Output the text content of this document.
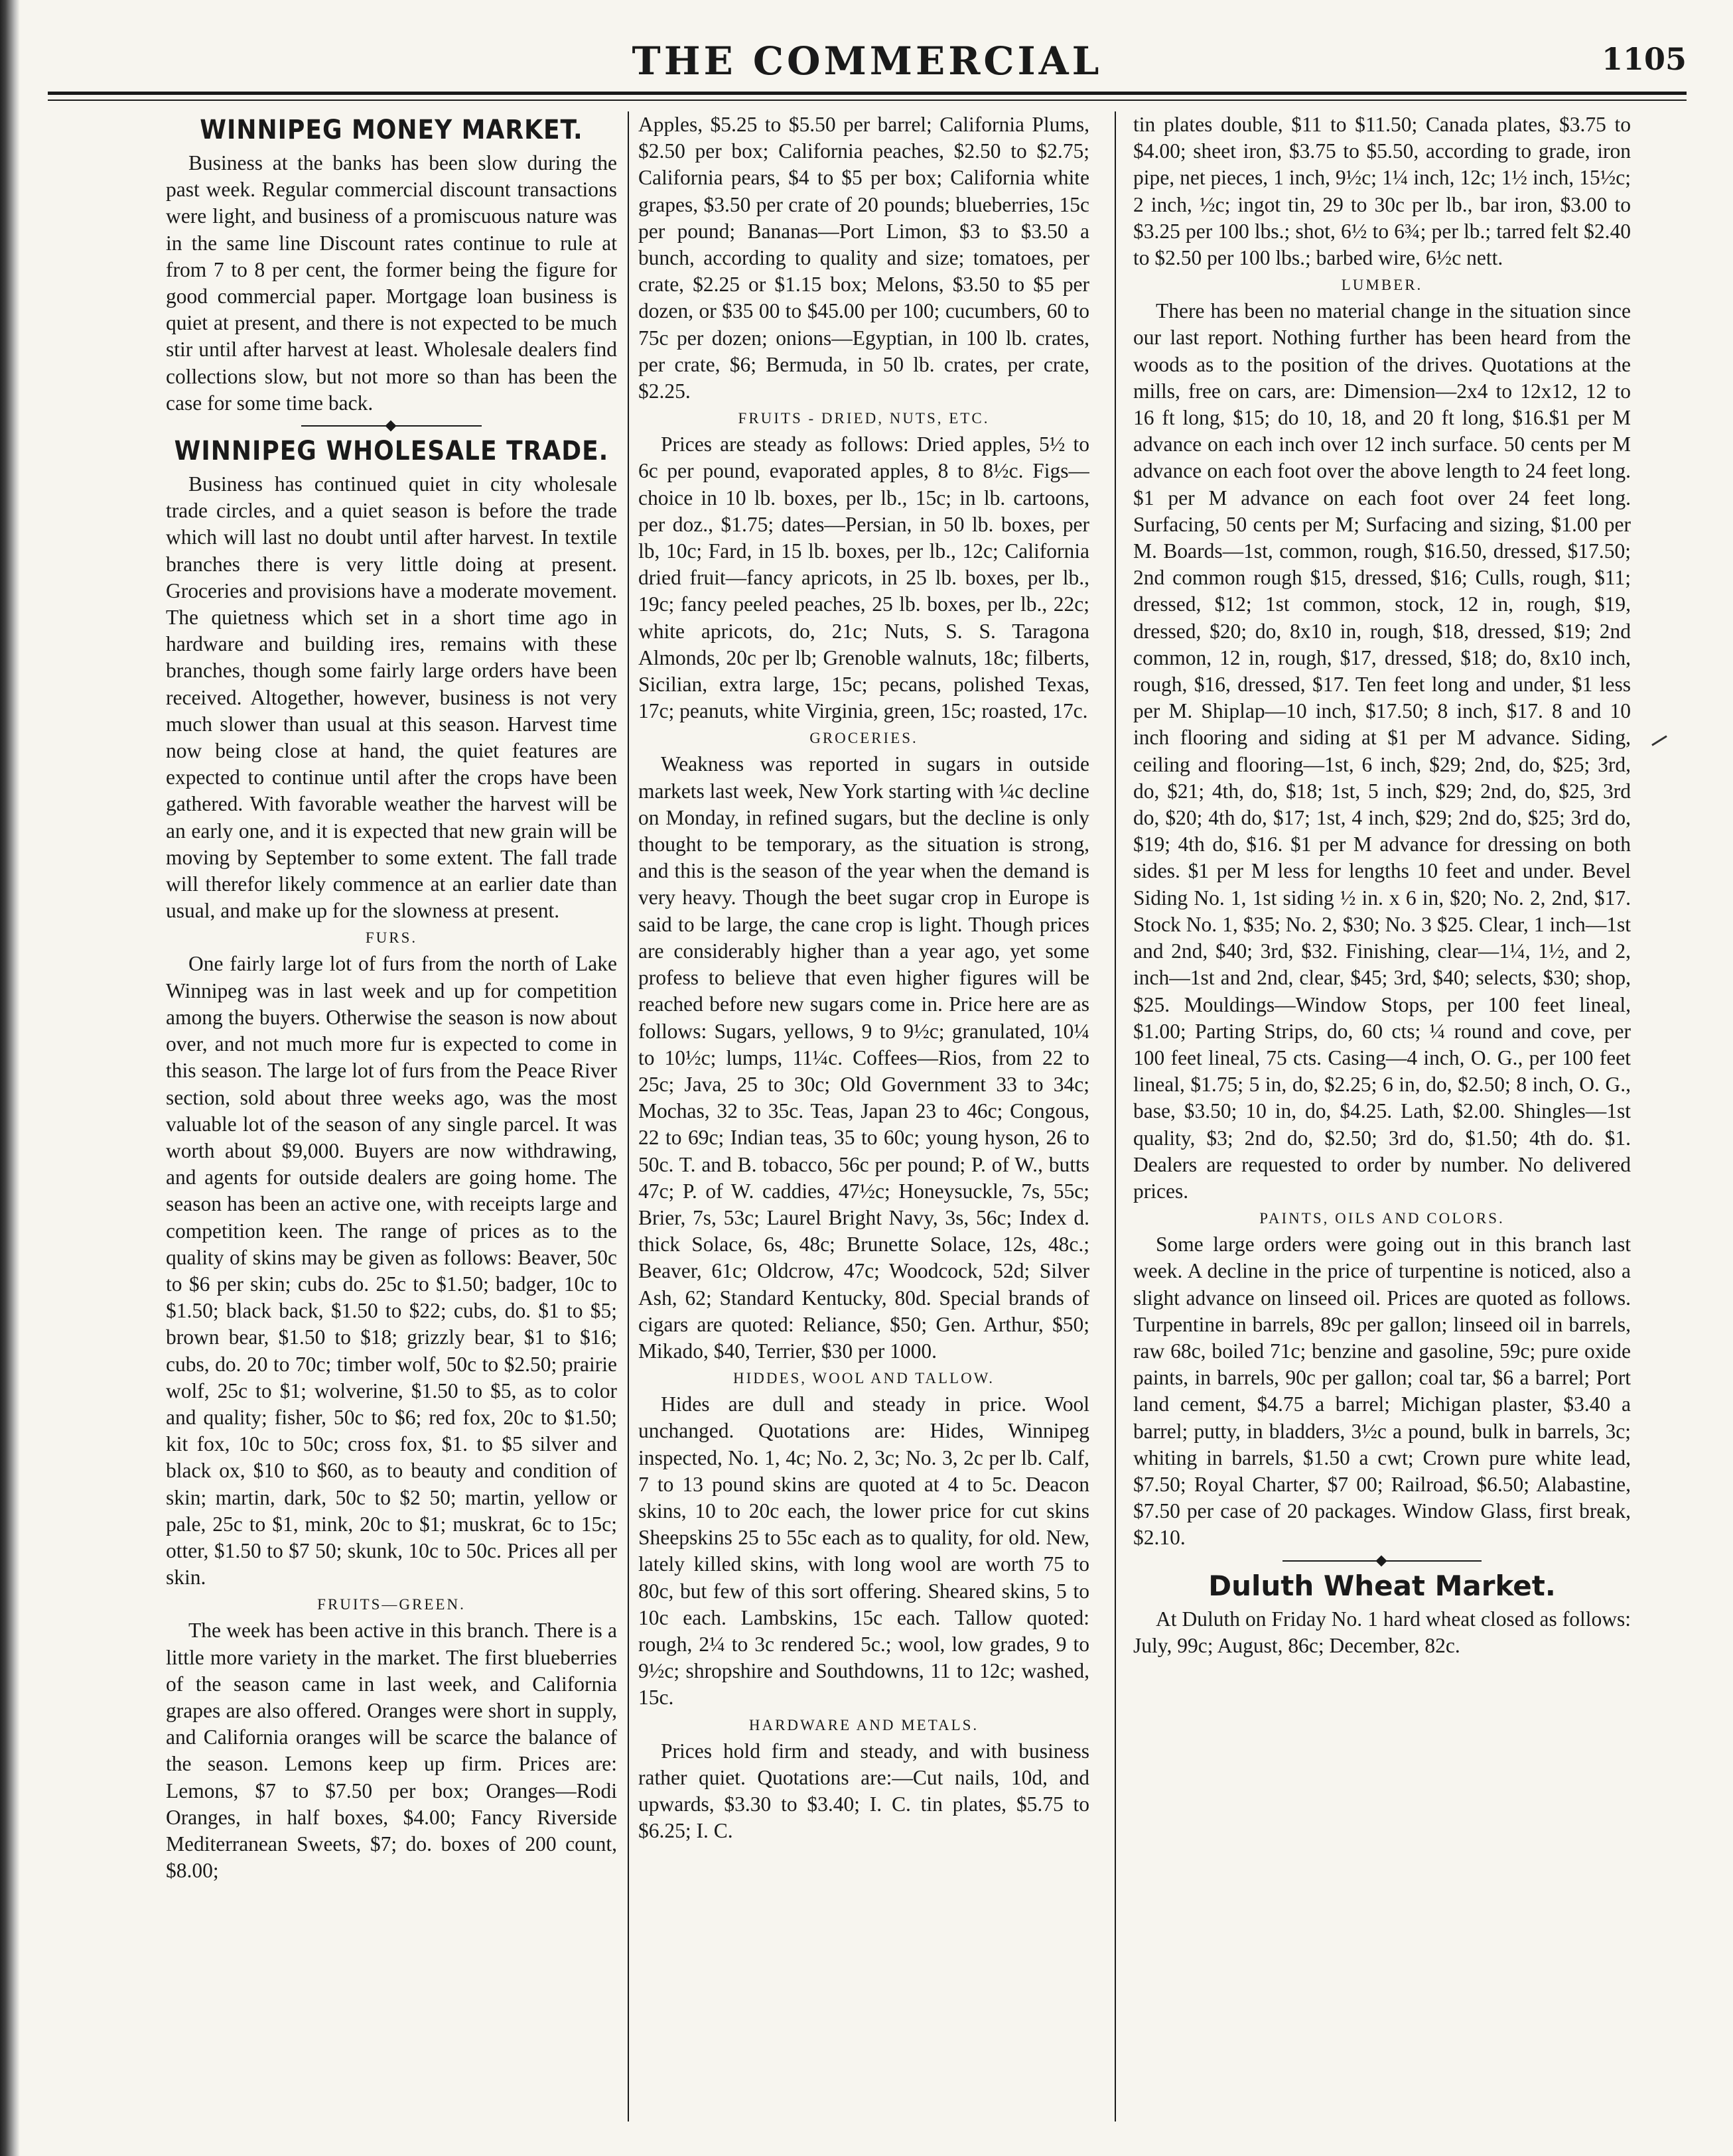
THE COMMERCIAL	1105
WINNIPEG MONEY MARKET.

Business at the banks has been slow during the past week. Regular commercial discount transactions were light, and business of a promiscuous nature was in the same line Discount rates continue to rule at from 7 to 8 per cent, the former being the figure for good commercial paper. Mortgage loan business is quiet at present, and there is not expected to be much stir until after harvest at least. Wholesale dealers find collections slow, but not more so than has been the case for some time back.

WINNIPEG WHOLESALE TRADE.

Business has continued quiet in city wholesale trade circles, and a quiet season is before the trade which will last no doubt until after harvest. In textile branches there is very little doing at present. Groceries and provisions have a moderate movement. The quietness which set in a short time ago in hardware and building ires, remains with these branches, though some fairly large orders have been received. Altogether, however, business is not very much slower than usual at this season. Harvest time now being close at hand, the quiet features are expected to continue until after the crops have been gathered. With favorable weather the harvest will be an early one, and it is expected that new grain will be moving by September to some extent. The fall trade will therefor likely commence at an earlier date than usual, and make up for the slowness at present.

FURS.

One fairly large lot of furs from the north of Lake Winnipeg was in last week and up for competition among the buyers. Otherwise the season is now about over, and not much more fur is expected to come in this season. The large lot of furs from the Peace River section, sold about three weeks ago, was the most valuable lot of the season of any single parcel. It was worth about $9,000. Buyers are now withdrawing, and agents for outside dealers are going home. The season has been an active one, with receipts large and competition keen. The range of prices as to the quality of skins may be given as follows: Beaver, 50c to $6 per skin; cubs do. 25c to $1.50; badger, 10c to $1.50; black back, $1.50 to $22; cubs, do. $1 to $5; brown bear, $1.50 to $18; grizzly bear, $1 to $16; cubs, do. 20 to 70c; timber wolf, 50c to $2.50; prairie wolf, 25c to $1; wolverine, $1.50 to $5, as to color and quality; fisher, 50c to $6; red fox, 20c to $1.50; kit fox, 10c to 50c; cross fox, $1. to $5 silver and black ox, $10 to $60, as to beauty and condition of skin; martin, dark, 50c to $2 50; martin, yellow or pale, 25c to $1, mink, 20c to $1; muskrat, 6c to 15c; otter, $1.50 to $7 50; skunk, 10c to 50c. Prices all per skin.

FRUITS—GREEN.

The week has been active in this branch. There is a little more variety in the market. The first blueberries of the season came in last week, and California grapes are also offered. Oranges were short in supply, and California oranges will be scarce the balance of the season. Lemons keep up firm. Prices are: Lemons, $7 to $7.50 per box; Oranges—Rodi Oranges, in half boxes, $4.00; Fancy Riverside Mediterranean Sweets, $7; do. boxes of 200 count, $8.00;

Apples, $5.25 to $5.50 per barrel; California Plums, $2.50 per box; California peaches, $2.50 to $2.75; California pears, $4 to $5 per box; California white grapes, $3.50 per crate of 20 pounds; blueberries, 15c per pound; Bananas—Port Limon, $3 to $3.50 a bunch, according to quality and size; tomatoes, per crate, $2.25 or $1.15 box; Melons, $3.50 to $5 per dozen, or $35 00 to $45.00 per 100; cucumbers, 60 to 75c per dozen; onions—Egyptian, in 100 lb. crates, per crate, $6; Bermuda, in 50 lb. crates, per crate, $2.25.

FRUITS - DRIED, NUTS, ETC.

Prices are steady as follows: Dried apples, 5½ to 6c per pound, evaporated apples, 8 to 8½c. Figs—choice in 10 lb. boxes, per lb., 15c; in lb. cartoons, per doz., $1.75; dates—Persian, in 50 lb. boxes, per lb, 10c; Fard, in 15 lb. boxes, per lb., 12c; California dried fruit—fancy apricots, in 25 lb. boxes, per lb., 19c; fancy peeled peaches, 25 lb. boxes, per lb., 22c; white apricots, do, 21c; Nuts, S. S. Taragona Almonds, 20c per lb; Grenoble walnuts, 18c; filberts, Sicilian, extra large, 15c; pecans, polished Texas, 17c; peanuts, white Virginia, green, 15c; roasted, 17c.

GROCERIES.

Weakness was reported in sugars in outside markets last week, New York starting with ¼c decline on Monday, in refined sugars, but the decline is only thought to be temporary, as the situation is strong, and this is the season of the year when the demand is very heavy. Though the beet sugar crop in Europe is said to be large, the cane crop is light. Though prices are considerably higher than a year ago, yet some profess to believe that even higher figures will be reached before new sugars come in. Price here are as follows: Sugars, yellows, 9 to 9½c; granulated, 10¼ to 10½c; lumps, 11¼c. Coffees—Rios, from 22 to 25c; Java, 25 to 30c; Old Government 33 to 34c; Mochas, 32 to 35c. Teas, Japan 23 to 46c; Congous, 22 to 69c; Indian teas, 35 to 60c; young hyson, 26 to 50c. T. and B. tobacco, 56c per pound; P. of W., butts 47c; P. of W. caddies, 47½c; Honeysuckle, 7s, 55c; Brier, 7s, 53c; Laurel Bright Navy, 3s, 56c; Index d. thick Solace, 6s, 48c; Brunette Solace, 12s, 48c.; Beaver, 61c; Oldcrow, 47c; Woodcock, 52d; Silver Ash, 62; Standard Kentucky, 80d. Special brands of cigars are quoted: Reliance, $50; Gen. Arthur, $50; Mikado, $40, Terrier, $30 per 1000.

HIDDES, WOOL AND TALLOW.

Hides are dull and steady in price. Wool unchanged. Quotations are: Hides, Winnipeg inspected, No. 1, 4c; No. 2, 3c; No. 3, 2c per lb. Calf, 7 to 13 pound skins are quoted at 4 to 5c. Deacon skins, 10 to 20c each, the lower price for cut skins Sheepskins 25 to 55c each as to quality, for old. New, lately killed skins, with long wool are worth 75 to 80c, but few of this sort offering. Sheared skins, 5 to 10c each. Lambskins, 15c each. Tallow quoted: rough, 2¼ to 3c rendered 5c.; wool, low grades, 9 to 9½c; shropshire and Southdowns, 11 to 12c; washed, 15c.

HARDWARE AND METALS.

Prices hold firm and steady, and with business rather quiet. Quotations are:—Cut nails, 10d, and upwards, $3.30 to $3.40; I. C. tin plates, $5.75 to $6.25; I. C.

tin plates double, $11 to $11.50; Canada plates, $3.75 to $4.00; sheet iron, $3.75 to $5.50, according to grade, iron pipe, net pieces, 1 inch, 9½c; 1¼ inch, 12c; 1½ inch, 15½c; 2 inch, ½c; ingot tin, 29 to 30c per lb., bar iron, $3.00 to $3.25 per 100 lbs.; shot, 6½ to 6¾; per lb.; tarred felt $2.40 to $2.50 per 100 lbs.; barbed wire, 6½c nett.

LUMBER.

There has been no material change in the situation since our last report. Nothing further has been heard from the woods as to the position of the drives. Quotations at the mills, free on cars, are: Dimension—2x4 to 12x12, 12 to 16 ft long, $15; do 10, 18, and 20 ft long, $16.$1 per M advance on each inch over 12 inch surface. 50 cents per M advance on each foot over the above length to 24 feet long. $1 per M advance on each foot over 24 feet long. Surfacing, 50 cents per M; Surfacing and sizing, $1.00 per M. Boards—1st, common, rough, $16.50, dressed, $17.50; 2nd common rough $15, dressed, $16; Culls, rough, $11; dressed, $12; 1st common, stock, 12 in, rough, $19, dressed, $20; do, 8x10 in, rough, $18, dressed, $19; 2nd common, 12 in, rough, $17, dressed, $18; do, 8x10 inch, rough, $16, dressed, $17. Ten feet long and under, $1 less per M. Shiplap—10 inch, $17.50; 8 inch, $17. 8 and 10 inch flooring and siding at $1 per M advance. Siding, ceiling and flooring—1st, 6 inch, $29; 2nd, do, $25; 3rd, do, $21; 4th, do, $18; 1st, 5 inch, $29; 2nd, do, $25, 3rd do, $20; 4th do, $17; 1st, 4 inch, $29; 2nd do, $25; 3rd do, $19; 4th do, $16. $1 per M advance for dressing on both sides. $1 per M less for lengths 10 feet and under. Bevel Siding No. 1, 1st siding ½ in. x 6 in, $20; No. 2, 2nd, $17. Stock No. 1, $35; No. 2, $30; No. 3 $25. Clear, 1 inch—1st and 2nd, $40; 3rd, $32. Finishing, clear—1¼, 1½, and 2, inch—1st and 2nd, clear, $45; 3rd, $40; selects, $30; shop, $25. Mouldings—Window Stops, per 100 feet lineal, $1.00; Parting Strips, do, 60 cts; ¼ round and cove, per 100 feet lineal, 75 cts. Casing—4 inch, O. G., per 100 feet lineal, $1.75; 5 in, do, $2.25; 6 in, do, $2.50; 8 inch, O. G., base, $3.50; 10 in, do, $4.25. Lath, $2.00. Shingles—1st quality, $3; 2nd do, $2.50; 3rd do, $1.50; 4th do. $1. Dealers are requested to order by number. No delivered prices.

PAINTS, OILS AND COLORS.

Some large orders were going out in this branch last week. A decline in the price of turpentine is noticed, also a slight advance on linseed oil. Prices are quoted as follows. Turpentine in barrels, 89c per gallon; linseed oil in barrels, raw 68c, boiled 71c; benzine and gasoline, 59c; pure oxide paints, in barrels, 90c per gallon; coal tar, $6 a barrel; Port land cement, $4.75 a barrel; Michigan plaster, $3.40 a barrel; putty, in bladders, 3½c a pound, bulk in barrels, 3c; whiting in barrels, $1.50 a cwt; Crown pure white lead, $7.50; Royal Charter, $7 00; Railroad, $6.50; Alabastine, $7.50 per case of 20 packages. Window Glass, first break, $2.10.

Duluth Wheat Market.

At Duluth on Friday No. 1 hard wheat closed as follows: July, 99c; August, 86c; December, 82c.
